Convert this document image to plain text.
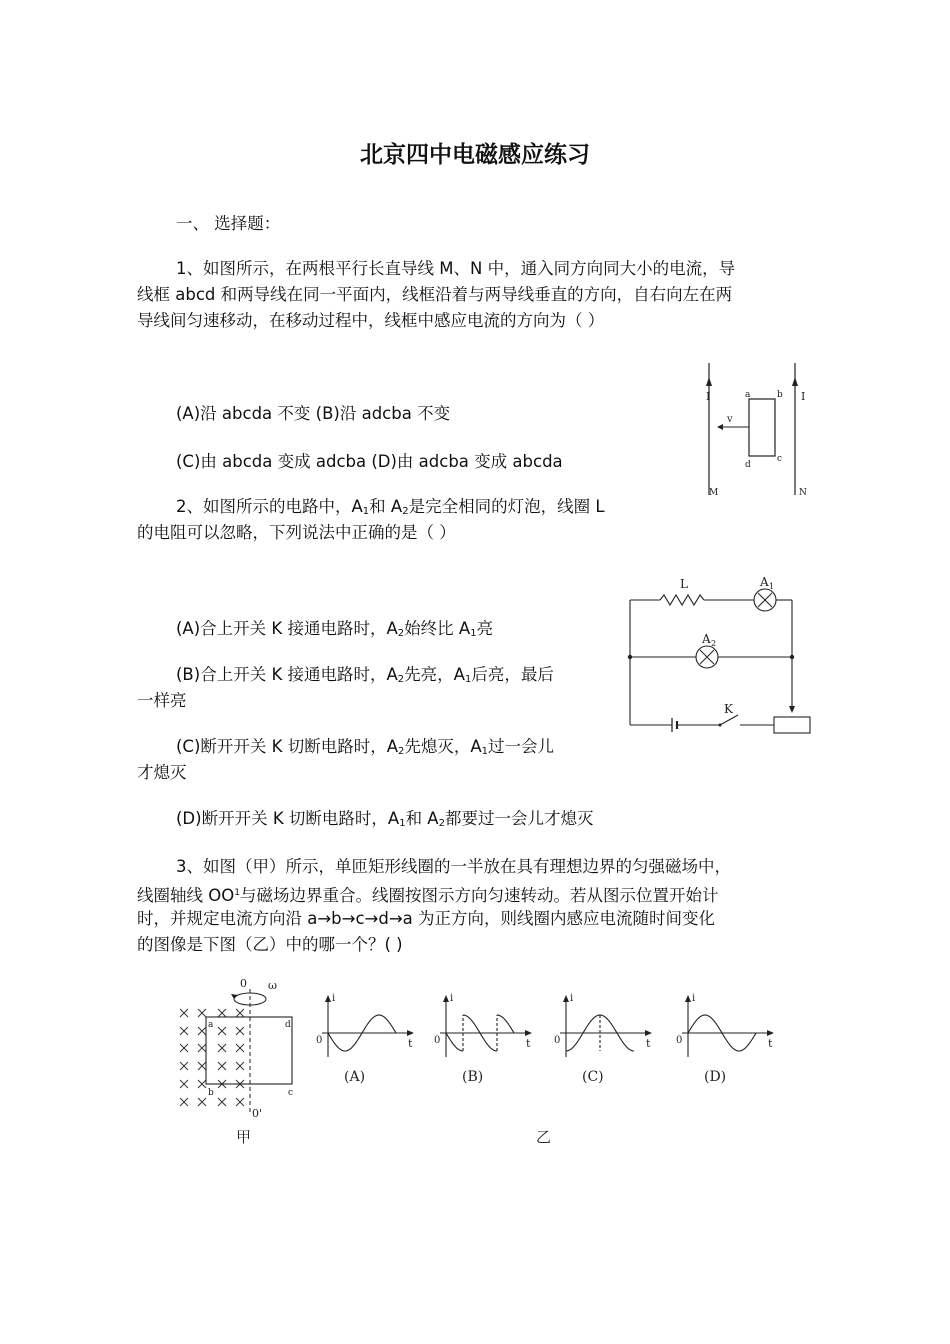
北京四中电磁感应练习
一、 选择题：
1、如图所示，在两根平行长直导线 M、N 中，通入同方向同大小的电流，导
线框 abcd 和两导线在同一平面内，线框沿着与两导线垂直的方向，自右向左在两
导线间匀速移动，在移动过程中，线框中感应电流的方向为（ ）
(A)沿 abcda 不变 (B)沿 adcba 不变
(C)由 abcda 变成 adcba (D)由 adcba 变成 abcda
I	I
v
a	b
c
d
M	N
2、如图所示的电路中，$A_1$和 $A_2$是完全相同的灯泡，线圈 L
的电阻可以忽略，下列说法中正确的是（ ）
(A)合上开关 K 接通电路时，$A_2$始终比 $A_1$亮
(B)合上开关 K 接通电路时，$A_2$先亮，$A_1$后亮，最后
一样亮
(C)断开开关 K 切断电路时，$A_2$先熄灭，$A_1$过一会儿
才熄灭
(D)断开开关 K 切断电路时，$A_1$和 $A_2$都要过一会儿才熄灭
L	A 1
A 2
K
3、如图（甲）所示，单匝矩形线圈的一半放在具有理想边界的匀强磁场中，
线圈轴线 $OO^1$与磁场边界重合。线圈按图示方向匀速转动。若从图示位置开始计
时，并规定电流方向沿 a→b→c→d→a 为正方向，则线圈内感应电流随时间变化
的图像是下图（乙）中的哪一个？( )
0 ω
0'
a
b	c
d
甲
i
t
0
(A)
i
t
0
(B)
i
t
0
(C)
i
t
0
(D)
乙
